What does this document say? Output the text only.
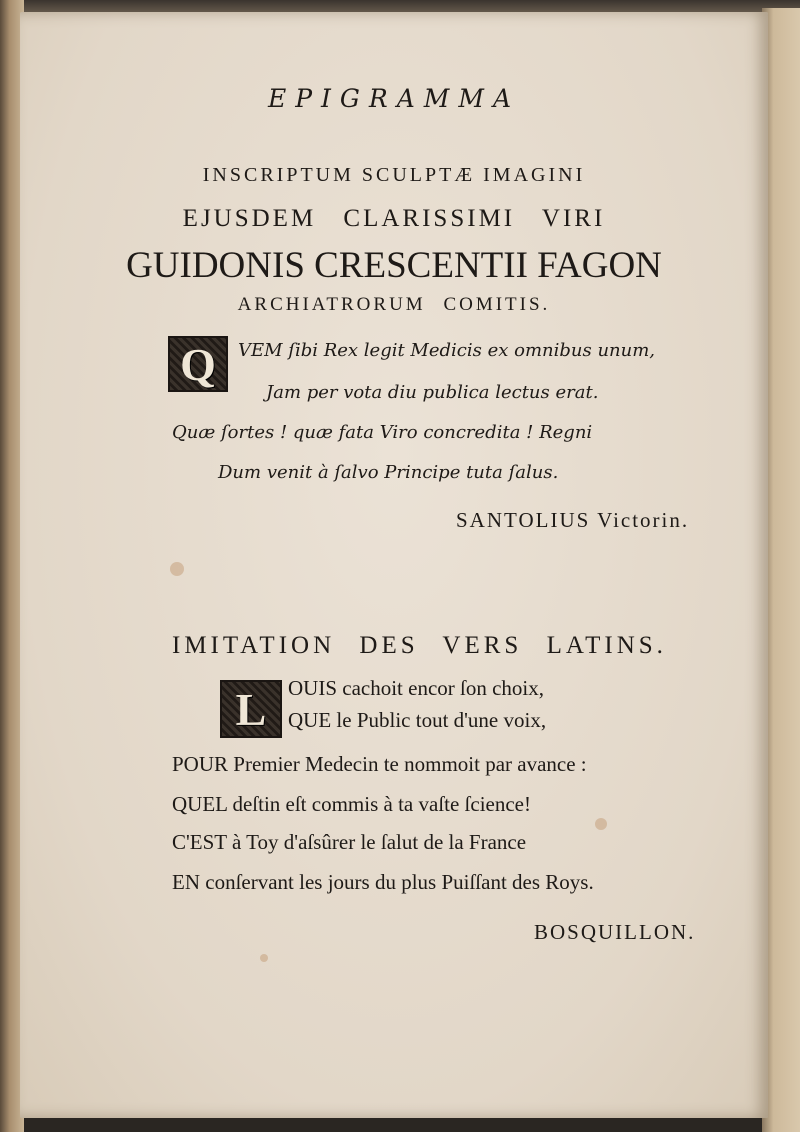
EPIGRAMMA
INSCRIPTUM SCULPTÆ IMAGINI
EJUSDEM CLARISSIMI VIRI
GUIDONIS CRESCENTII FAGON
ARCHIATRORUM COMITIS.
Q VEM ſibi Rex legit Medicis ex omnibus unum,
Jam per vota diu publica lectus erat.
Quæ ſortes ! quæ fata Viro concredita ! Regni
Dum venit à ſalvo Principe tuta ſalus.
SANTOLIUS Victorin.
IMITATION DES VERS LATINS.
L OUIS cachoit encor ſon choix,
QUE le Public tout d'une voix,
POUR Premier Medecin te nommoit par avance :
QUEL deſtin eſt commis à ta vaſte ſcience!
C'EST à Toy d'aſsûrer le ſalut de la France
EN conſervant les jours du plus Puiſſant des Roys.
BOSQUILLON.
